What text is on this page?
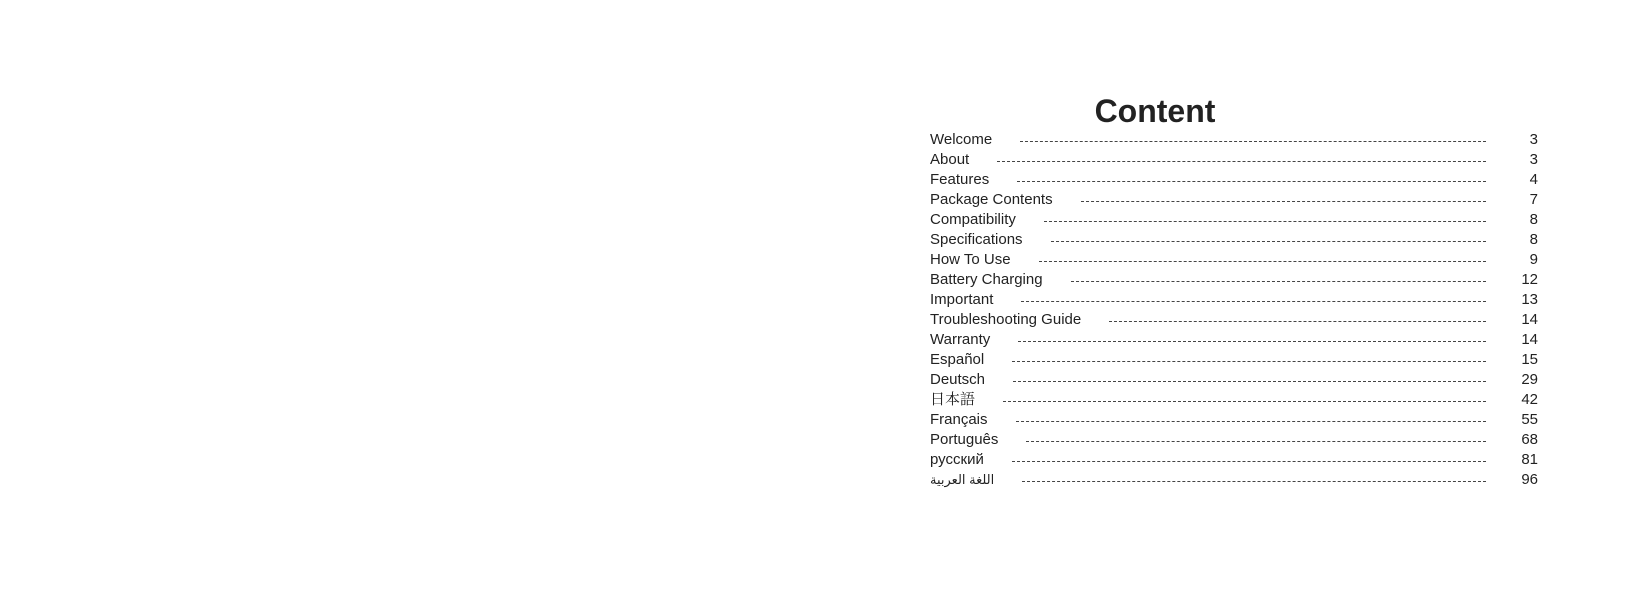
Content
Welcome	3
About	3
Features	4
Package Contents	7
Compatibility	8
Specifications	8
How To Use	9
Battery Charging	12
Important	13
Troubleshooting Guide	14
Warranty	14
Español	15
Deutsch	29
日本語	42
Français	55
Português	68
русский	81
اللغة العربية	96
